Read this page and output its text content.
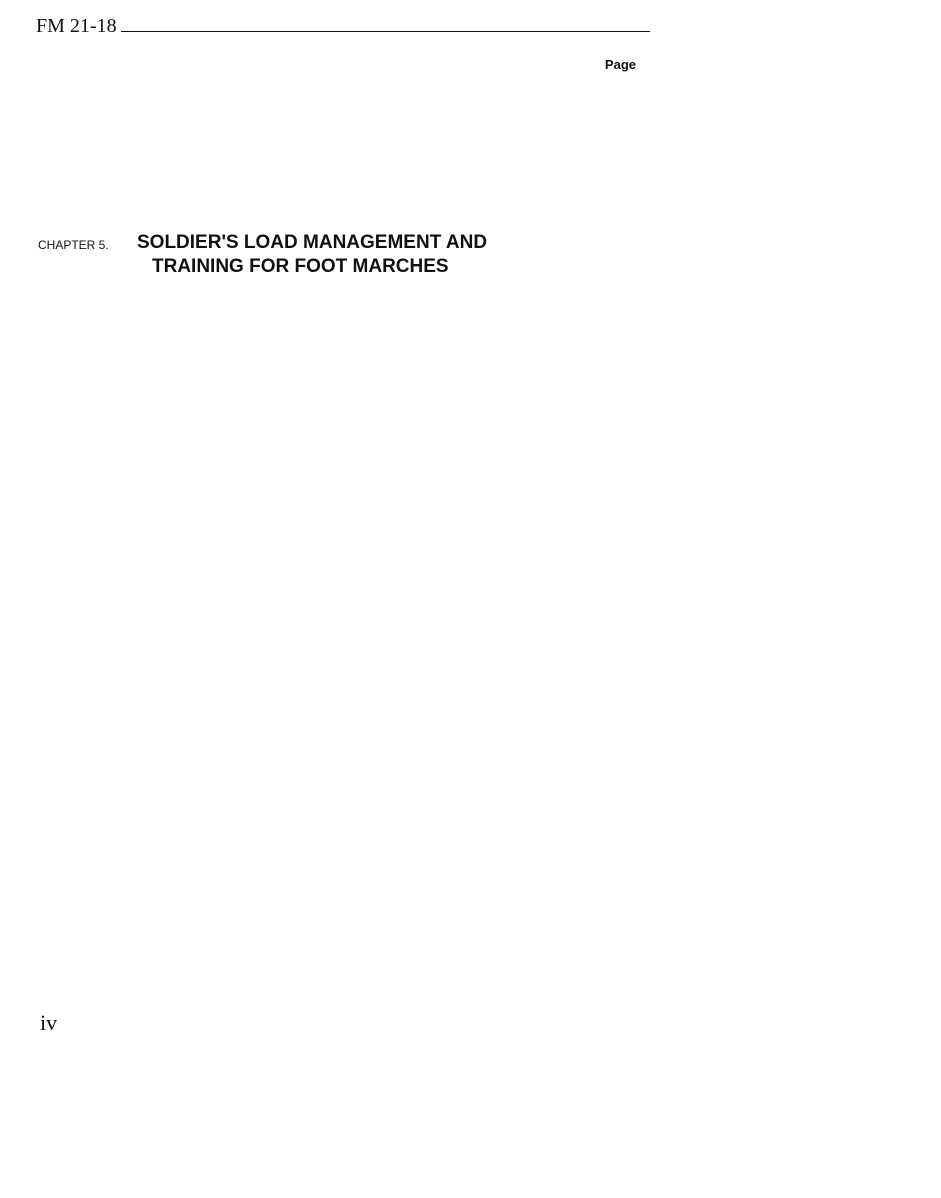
FM 21-18
Page
CHAPTER 5. SOLDIER'S LOAD MANAGEMENT AND
TRAINING FOR FOOT MARCHES
iv
